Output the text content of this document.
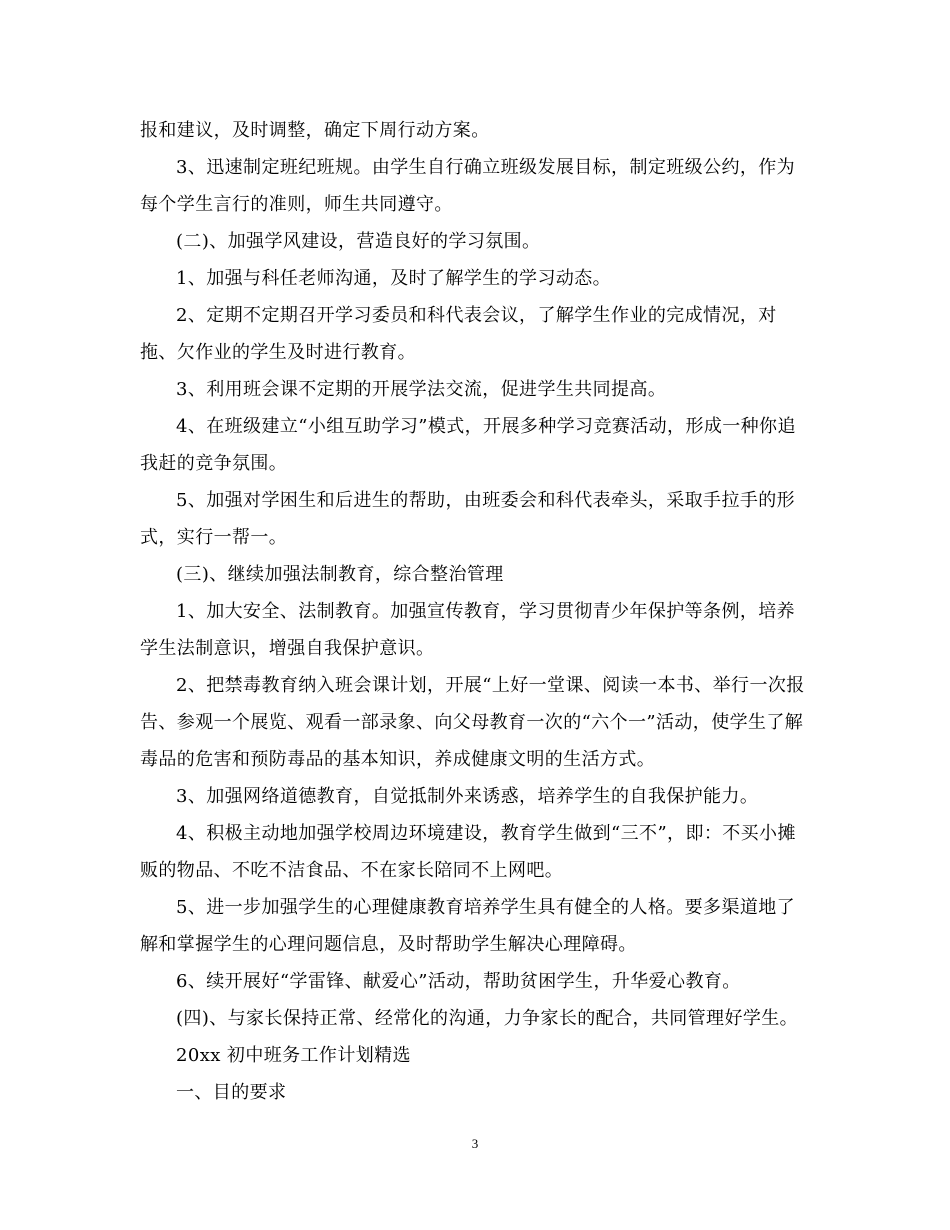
报和建议，及时调整，确定下周行动方案。
3、迅速制定班纪班规。由学生自行确立班级发展目标，制定班级公约，作为
每个学生言行的准则，师生共同遵守。
(二)、加强学风建设，营造良好的学习氛围。
1、加强与科任老师沟通，及时了解学生的学习动态。
2、定期不定期召开学习委员和科代表会议，了解学生作业的完成情况，对
拖、欠作业的学生及时进行教育。
3、利用班会课不定期的开展学法交流，促进学生共同提高。
4、在班级建立“小组互助学习”模式，开展多种学习竞赛活动，形成一种你追
我赶的竞争氛围。
5、加强对学困生和后进生的帮助，由班委会和科代表牵头，采取手拉手的形
式，实行一帮一。
(三)、继续加强法制教育，综合整治管理
1、加大安全、法制教育。加强宣传教育，学习贯彻青少年保护等条例，培养
学生法制意识，增强自我保护意识。
2、把禁毒教育纳入班会课计划，开展“上好一堂课、阅读一本书、举行一次报
告、参观一个展览、观看一部录象、向父母教育一次的“六个一”活动，使学生了解
毒品的危害和预防毒品的基本知识，养成健康文明的生活方式。
3、加强网络道德教育，自觉抵制外来诱惑，培养学生的自我保护能力。
4、积极主动地加强学校周边环境建设，教育学生做到“三不”，即：不买小摊
贩的物品、不吃不洁食品、不在家长陪同不上网吧。
5、进一步加强学生的心理健康教育培养学生具有健全的人格。要多渠道地了
解和掌握学生的心理问题信息，及时帮助学生解决心理障碍。
6、续开展好“学雷锋、献爱心”活动，帮助贫困学生，升华爱心教育。
(四)、与家长保持正常、经常化的沟通，力争家长的配合，共同管理好学生。
20xx 初中班务工作计划精选
一、目的要求
3
